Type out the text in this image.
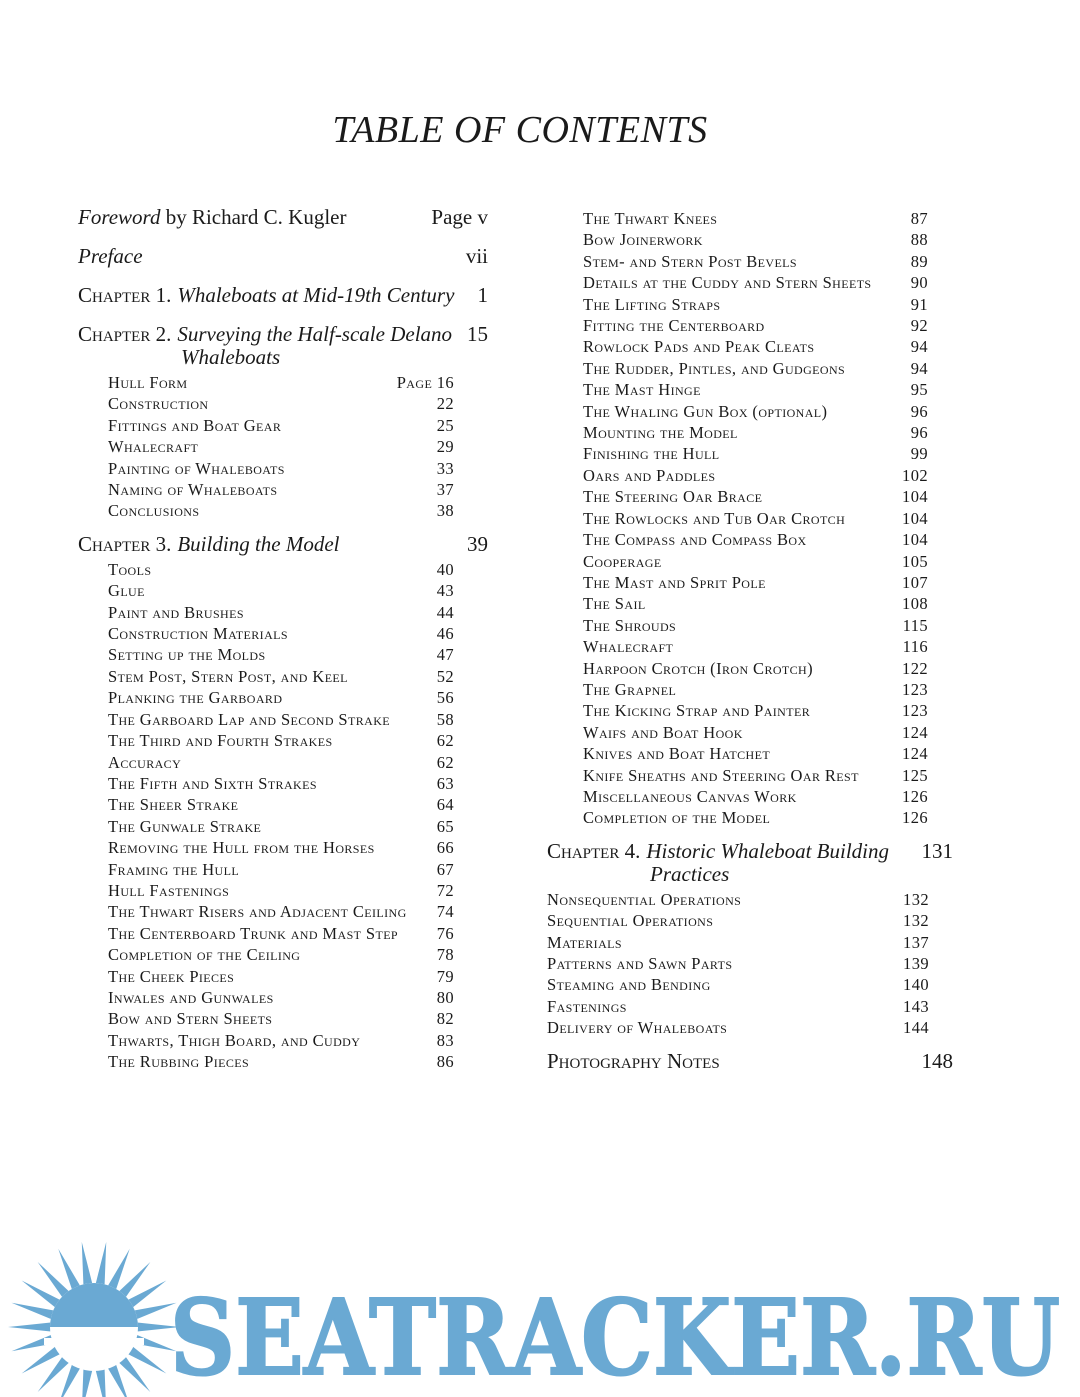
TABLE OF CONTENTS
Foreword by Richard C. Kugler	Page v
Preface	vii
Chapter 1. Whaleboats at Mid-19th Century 1
Chapter 2. Surveying the Half-scale Delano 15
Whaleboats
Hull Form	Page 16
Construction	22
Fittings and Boat Gear	25
Whalecraft	29
Painting of Whaleboats	33
Naming of Whaleboats	37
Conclusions	38
Chapter 3. Building the Model	39
Tools	40
Glue	43
Paint and Brushes	44
Construction Materials	46
Setting up the Molds	47
Stem Post, Stern Post, and Keel	52
Planking the Garboard	56
The Garboard Lap and Second Strake	58
The Third and Fourth Strakes	62
Accuracy	62
The Fifth and Sixth Strakes	63
The Sheer Strake	64
The Gunwale Strake	65
Removing the Hull from the Horses	66
Framing the Hull	67
Hull Fastenings	72
The Thwart Risers and Adjacent Ceiling 74
The Centerboard Trunk and Mast Step 76
Completion of the Ceiling	78
The Cheek Pieces	79
Inwales and Gunwales	80
Bow and Stern Sheets	82
Thwarts, Thigh Board, and Cuddy	83
The Rubbing Pieces	86
The Thwart Knees	87
Bow Joinerwork	88
Stem- and Stern Post Bevels	89
Details at the Cuddy and Stern Sheets 90
The Lifting Straps	91
Fitting the Centerboard	92
Rowlock Pads and Peak Cleats	94
The Rudder, Pintles, and Gudgeons	94
The Mast Hinge	95
The Whaling Gun Box (optional)	96
Mounting the Model	96
Finishing the Hull	99
Oars and Paddles	102
The Steering Oar Brace	104
The Rowlocks and Tub Oar Crotch	104
The Compass and Compass Box	104
Cooperage	105
The Mast and Sprit Pole	107
The Sail	108
The Shrouds	115
Whalecraft	116
Harpoon Crotch (Iron Crotch)	122
The Grapnel	123
The Kicking Strap and Painter	123
Waifs and Boat Hook	124
Knives and Boat Hatchet	124
Knife Sheaths and Steering Oar Rest	125
Miscellaneous Canvas Work	126
Completion of the Model	126
Chapter 4. Historic Whaleboat Building 131
Practices
Nonsequential Operations	132
Sequential Operations	132
Materials	137
Patterns and Sawn Parts	139
Steaming and Bending	140
Fastenings	143
Delivery of Whaleboats	144
Photography Notes	148
SEATRACKER.RU
